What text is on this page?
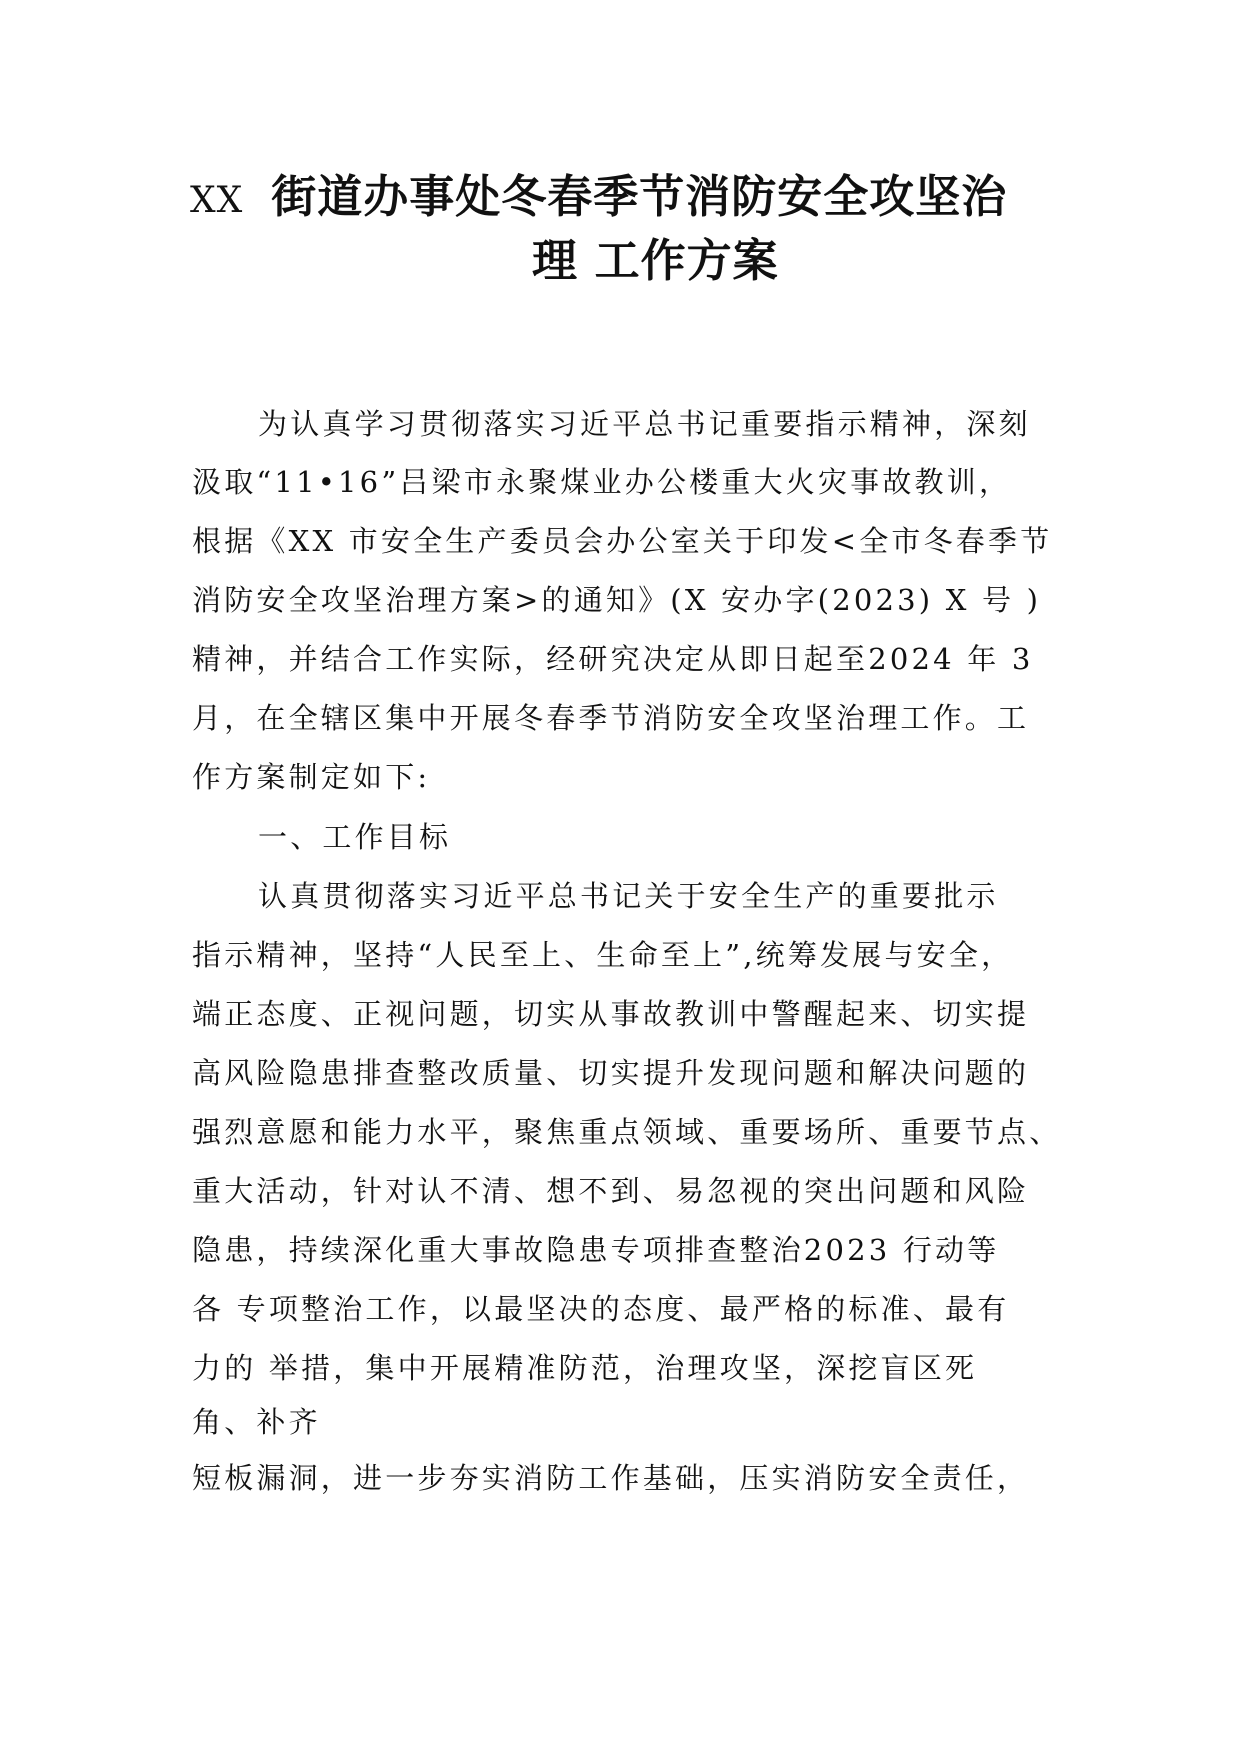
XX 街道办事处冬春季节消防安全攻坚治
理 工作方案
为认真学习贯彻落实习近平总书记重要指示精神，深刻
汲取“11•16”吕梁市永聚煤业办公楼重大火灾事故教训，
根据《XX 市安全生产委员会办公室关于印发<全市冬春季节
消防安全攻坚治理方案>的通知》(X 安办字(2023) X 号 )
精神，并结合工作实际，经研究决定从即日起至2024 年 3
月，在全辖区集中开展冬春季节消防安全攻坚治理工作。工
作方案制定如下:
一、工作目标
认真贯彻落实习近平总书记关于安全生产的重要批示
指示精神，坚持“人民至上、生命至上”,统筹发展与安全，
端正态度、正视问题，切实从事故教训中警醒起来、切实提
高风险隐患排查整改质量、切实提升发现问题和解决问题的
强烈意愿和能力水平，聚焦重点领域、重要场所、重要节点、
重大活动，针对认不清、想不到、易忽视的突出问题和风险
隐患，持续深化重大事故隐患专项排查整治2023 行动等
各 专项整治工作，以最坚决的态度、最严格的标准、最有
力的 举措，集中开展精准防范，治理攻坚，深挖盲区死
角、补齐
短板漏洞，进一步夯实消防工作基础，压实消防安全责任，
